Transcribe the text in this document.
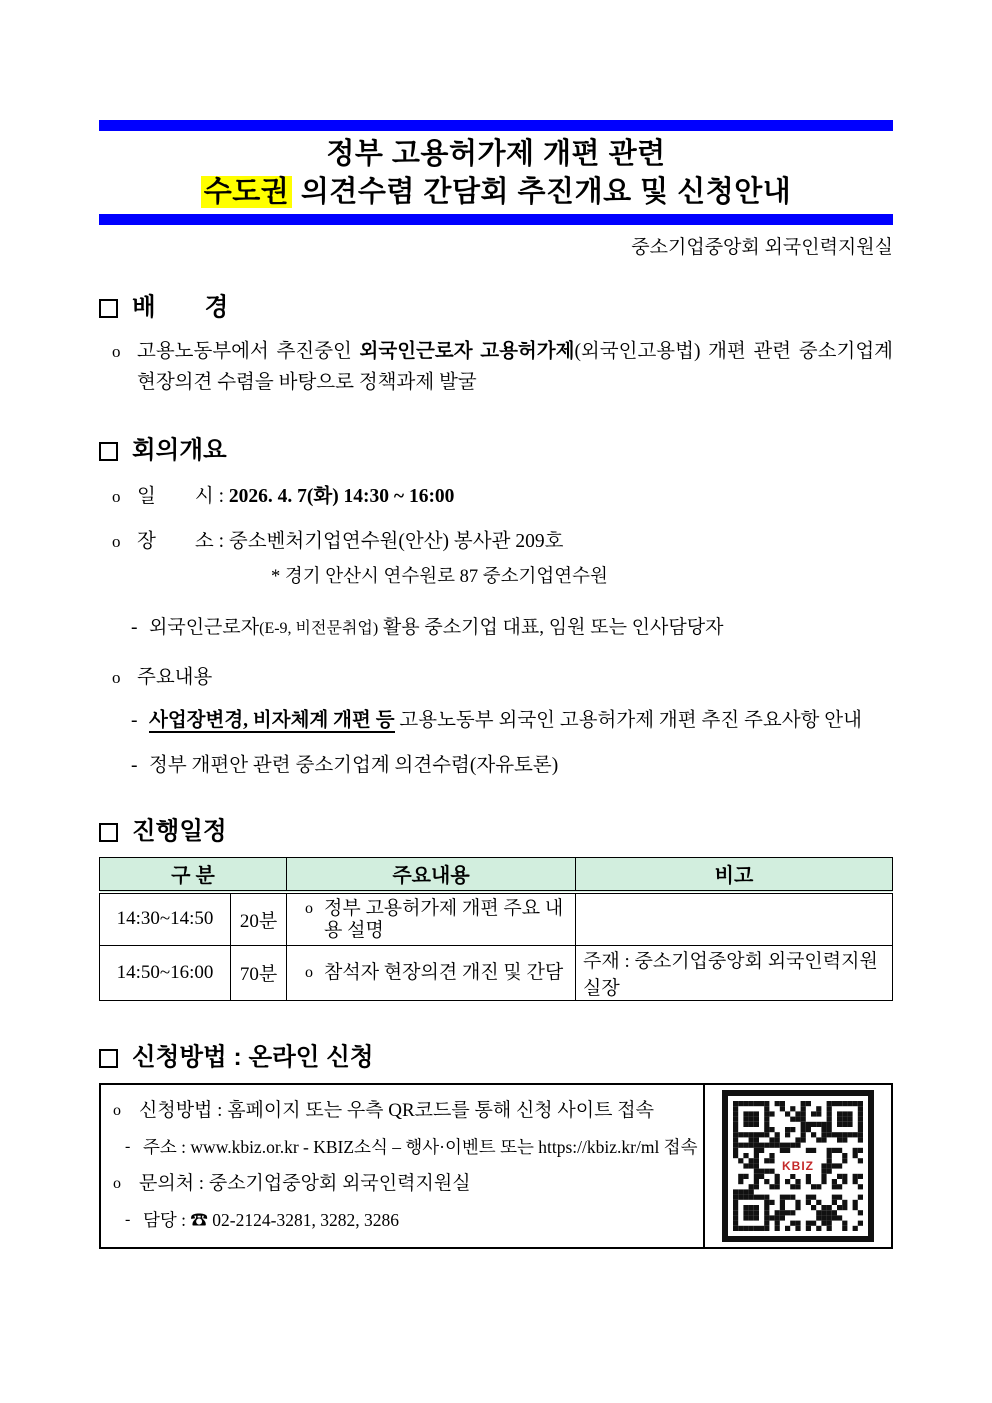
정부 고용허가제 개편 관련
수도권 의견수렴 간담회 추진개요 및 신청안내
중소기업중앙회 외국인력지원실
배　　경
o 고용노동부에서 추진중인 외국인근로자 고용허가제(외국인고용법) 개편 관련 중소기업계 현장의견 수렴을 바탕으로 정책과제 발굴
회의개요
o 일　　시 : 2026. 4. 7(화) 14:30 ~ 16:00
o 장　　소 : 중소벤처기업연수원(안산) 봉사관 209호
* 경기 안산시 연수원로 87 중소기업연수원
- 외국인근로자(E-9, 비전문취업) 활용 중소기업 대표, 임원 또는 인사담당자
o 주요내용
- 사업장변경, 비자체계 개편 등 고용노동부 외국인 고용허가제 개편 추진 주요사항 안내
- 정부 개편안 관련 중소기업계 의견수렴(자유토론)
진행일정
구 분		주요내용	비고
14:30~14:50	20분	o 정부 고용허가제 개편 주요 내용 설명	

14:50~16:00	70분	o 참석자 현장의견 개진 및 간담	주재 : 중소기업중앙회 외국인력지원실장
신청방법 : 온라인 신청
o 신청방법 : 홈페이지 또는 우측 QR코드를 통해 신청 사이트 접속
- 주소 : www.kbiz.or.kr - KBIZ소식 – 행사·이벤트 또는 https://kbiz.kr/ml 접속
o 문의처 : 중소기업중앙회 외국인력지원실
- 담당 : ☎ 02-2124-3281, 3282, 3286
KBIZ
